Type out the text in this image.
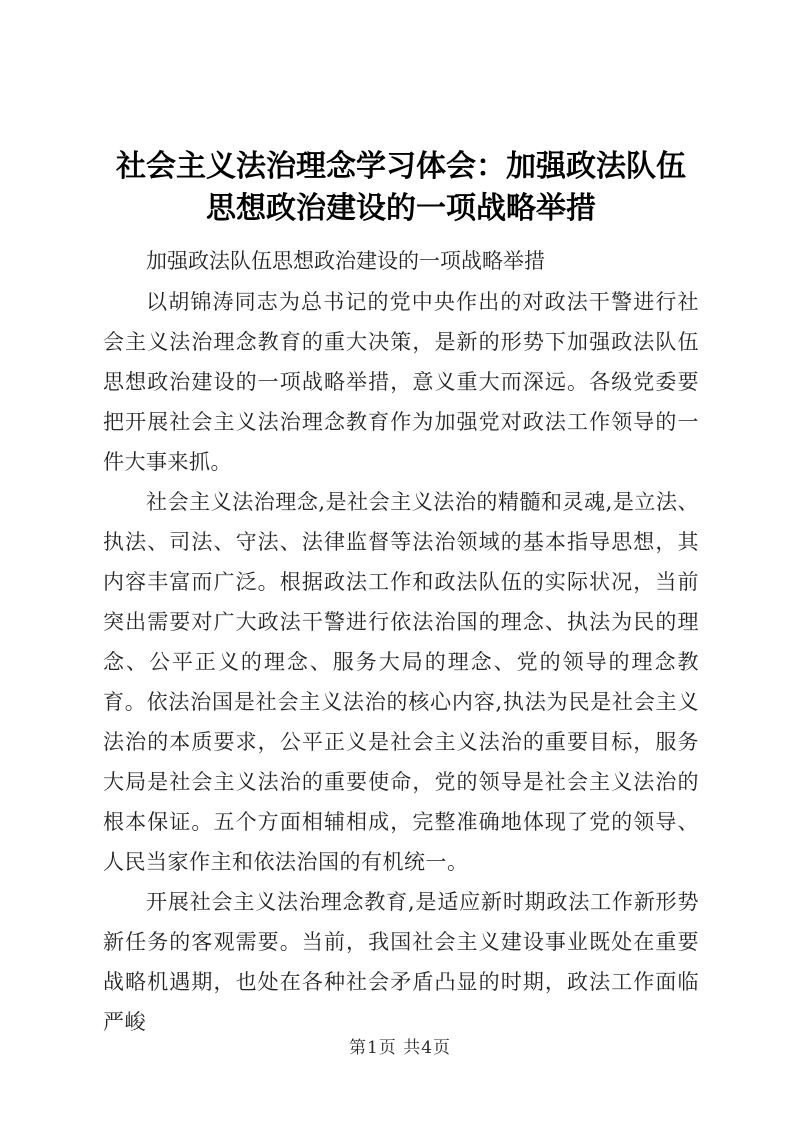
社会主义法治理念学习体会：加强政法队伍思想政治建设的一项战略举措

加强政法队伍思想政治建设的一项战略举措

以胡锦涛同志为总书记的党中央作出的对政法干警进行社会主义法治理念教育的重大决策，是新的形势下加强政法队伍思想政治建设的一项战略举措，意义重大而深远。各级党委要把开展社会主义法治理念教育作为加强党对政法工作领导的一件大事来抓。

社会主义法治理念,是社会主义法治的精髓和灵魂,是立法、执法、司法、守法、法律监督等法治领域的基本指导思想，其内容丰富而广泛。根据政法工作和政法队伍的实际状况，当前突出需要对广大政法干警进行依法治国的理念、执法为民的理念、公平正义的理念、服务大局的理念、党的领导的理念教育。依法治国是社会主义法治的核心内容,执法为民是社会主义法治的本质要求，公平正义是社会主义法治的重要目标，服务大局是社会主义法治的重要使命，党的领导是社会主义法治的根本保证。五个方面相辅相成，完整准确地体现了党的领导、人民当家作主和依法治国的有机统一。

开展社会主义法治理念教育,是适应新时期政法工作新形势新任务的客观需要。当前，我国社会主义建设事业既处在重要战略机遇期，也处在各种社会矛盾凸显的时期，政法工作面临严峻

第1页 共4页
